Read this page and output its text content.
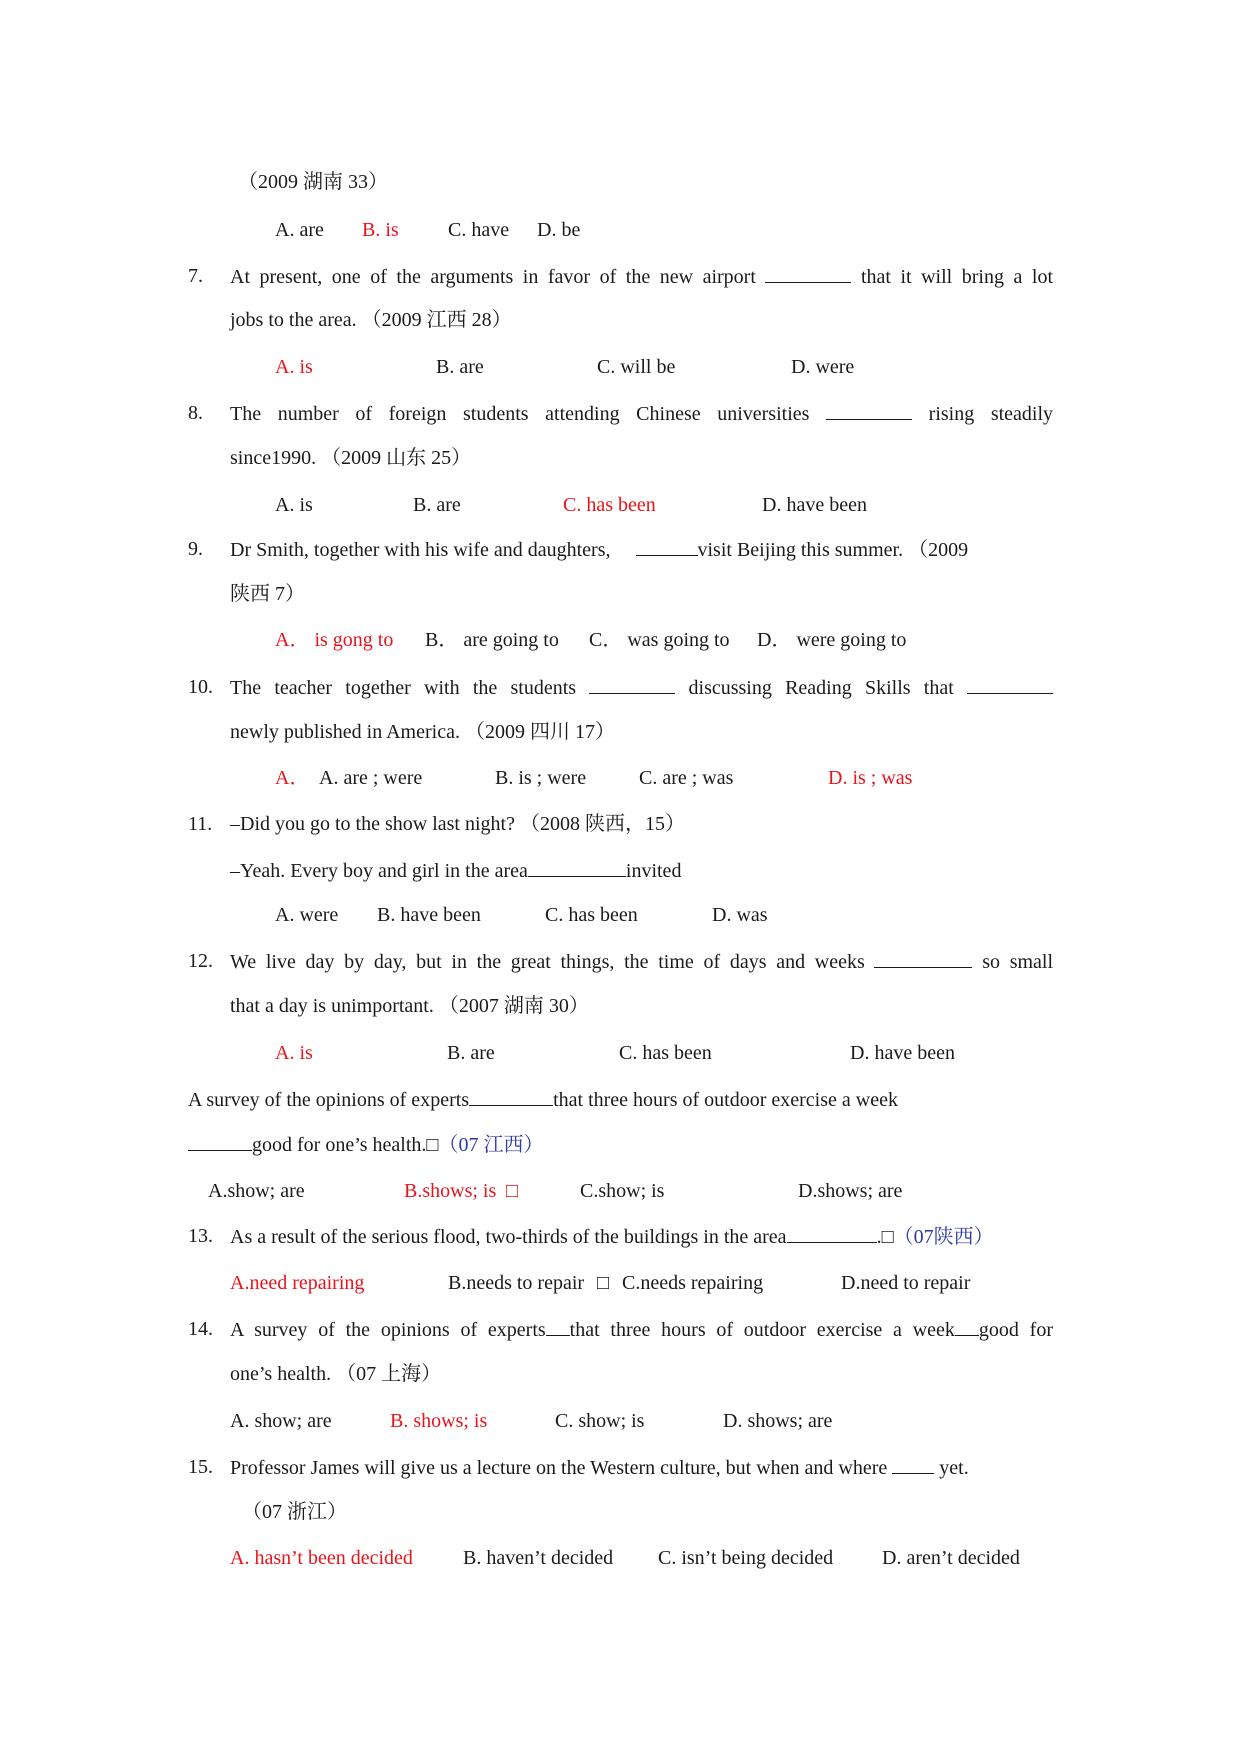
（2009 湖南 33）
A. are B. is C. have D. be
7. At present, one of the arguments in favor of the new airport	that it will bring a lot
jobs to the area. （2009 江西 28）
A. is	B. are	C. will be	D. were
8. The number of foreign students attending Chinese universities	rising steadily
since1990. （2009 山东 25）
A. is	B. are	C. has been	D. have been
9. Dr Smith, together with his wife and daughters,	visit Beijing this summer. （2009
陕西 7）
A． is gong to B． are going to C． was going to D． were going to
10. The teacher together with the students	discussing Reading Skills that
newly published in America. （2009 四川 17）
A． A. are ; were	B. is ; were	C. are ; was	D. is ; was
11. –Did you go to the show last night? （2008 陕西，15）
–Yeah. Every boy and girl in the area	invited
A. were B. have been	C. has been	D. was
12. We live day by day, but in the great things, the time of days and weeks	so small
that a day is unimportant. （2007 湖南 30）
A. is	B. are	C. has been	D. have been
A survey of the opinions of experts	that three hours of outdoor exercise a week
good for one’s health.□（07 江西）
A.show; are	B.shows; is □	C.show; is	D.shows; are
13. As a result of the serious flood, two-thirds of the buildings in the area	.□（07陕西）
A.need repairing	B.needs to repair □ C.needs repairing	D.need to repair
14. A survey of the opinions of experts that three hours of outdoor exercise a week good for
one’s health. （07 上海）
A. show; are	B. shows; is	C. show; is	D. shows; are
15. Professor James will give us a lecture on the Western culture, but when and where	yet.
（07 浙江）
A. hasn’t been decided	B. haven’t decided C. isn’t being decided D. aren’t decided
